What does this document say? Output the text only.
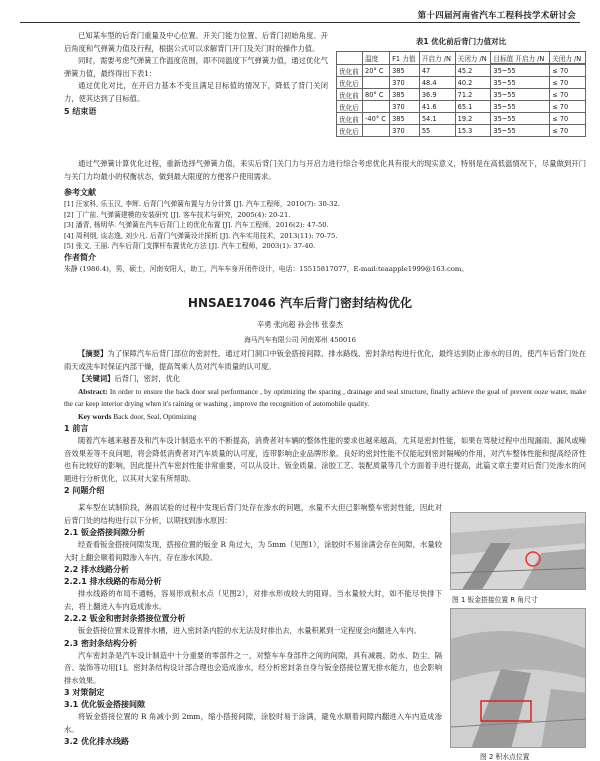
第十四届河南省汽车工程科技学术研讨会

已知某车型的后背门重量及中心位置、开关门能力位置、后背门初始角度、开启角度和气弹簧力值及行程，根据公式可以求解背门开门及关门时的操作力值。

同时，需要考虑气弹簧工作温度范围，即不同温度下气弹簧力值，通过优化气弹簧力值，最终得出下表1：

通过优化对比，在开启力基本不变且满足目标值的情况下，降低了背门关闭力，使其达到了目标值。

5 结束语
表1 优化前后背门力值对比
	温度	F1 力值	开启力 /N	关闭力 /N	目标值 开启力 /N	关闭力 /N

优化前	20° C	385	47	45.2	35~55	≤ 70
优化后		370	48.4	40.2	35~55	≤ 70
优化前	80° C	385	36.9	71.2	35~55	≤ 70
优化后		370	41.6	65.1	35~55	≤ 70
优化前	-40° C	385	54.1	19.2	35~55	≤ 70
优化后		370	55	15.3	35~55	≤ 70

通过气弹簧计算优化过程，重新选择气弹簧力值，来实后背门关门力与开启力进行综合考虑优化具有很大的现实意义，特别是在高低温情况下，尽量做到开门与关门力均最小的权衡状态，做到最大限度的方便客户使用需求。

参考文献
[1] 汪家科, 乐玉汉, 李辉. 后背门气弹簧布置与力分计算 [J]. 汽车工程师，2010(7): 30-32.
[2] 丁广前. 气弹簧建模的安装研究 [J]. 客车技术与研究，2005(4): 20-21.
[3] 潘青, 杨明华. 气弹簧在汽车后背门上的优化布置 [J]. 汽车工程师，2016(2): 47-50.
[4] 周利纲, 谈志逸, 刘少凡. 后背门气弹簧设计探析 [J]. 汽车实用技术，2013(11): 70-75.
[5] 张文, 王丽. 汽车后背门支撑杆布置优化方法 [J]. 汽车工程师，2003(1): 37-40.
作者简介
朱静 (1986.4)，男，硕士，河南安阳人，助工，汽车车身开闭件设计，电话：15515817077，E-mail:teaapple1999@163.com。
HNSAE17046 汽车后背门密封结构优化
辛勇 张向超 孙会伟 张泰杰
海马汽车有限公司 河南郑州 450016

【摘要】为了保障汽车后背门部位的密封性，通过对门洞口中钣金搭接间隙、排水路线、密封条结构进行优化，最终达到防止渗水的目的，使汽车后背门处在雨天或洗车时保证内部干燥，提高驾乘人员对汽车质量的认可度。

【关键词】后背门，密封，优化

Abstract: In order to ensure the back door seal performance , by optimizing the spacing , drainage and seal structure, finally achieve the goal of prevent ooze water, make the car keep interior drying when it's raining or washing , improve the recognition of automobile quality.

Key words Back door, Seal, Optimizing

1 前言

随着汽车越来越普及和汽车设计制造水平的不断提高，消费者对车辆的整体性能的要求也越来越高，尤其是密封性能，如果在驾驶过程中出现漏雨、漏风或噪音效果差等不良问题，将会降低消费者对汽车质量的认可度，连带影响企业品牌形象。良好的密封性能不仅能起到密封隔噪的作用，对汽车整体性能和提高经济性也有比较好的影响，因此提升汽车密封性能非常重要，可以从设计、钣金质量、涂胶工艺、装配质量等几个方面着手进行提高，此篇文章主要对后背门处渗水的问题进行分析优化，以其对大家有所帮助。

2 问题介绍

某车型在试制阶段，淋雨试验的过程中发现后背门处存在渗水的问题，水量不大但已影响整车密封性能，因此对后背门处的结构进行以下分析，以期找到渗水原因：

2.1 钣金搭接间隙分析

经查看钣金搭接间隙发现，搭接位置的钣金 R 角过大，为 5mm（见图1），涂胶时不易涂满会存在间隙，水量较大时上翻会顺着间隙渗入车内，存在渗水风险。

2.2 排水线路分析
2.2.1 排水线路的布局分析

排水线路的布局不通畅，容易形成积水点（见图2），对排水形成较大的阻碍。当水量较大时，如不能尽快排下去，将上翻进入车内造成渗水。

2.2.2 钣金和密封条搭接位置分析

钣金搭接位置未设置排水槽，进入密封条内腔的水无法及时排出去，水量积累到一定程度会向翻进入车内。

2.3 密封条结构分析

汽车密封条是汽车设计制造中十分重要的零部件之一，对整车车身部件之间的间隙，具有减震、防水、防尘、隔音、装饰等功用[1]。密封条结构设计部合理也会造成渗水，经分析密封条自身与钣金搭接位置无排水能力，也会影响排水效果。

3 对策制定
3.1 优化钣金搭接间隙

将钣金搭接位置的 R 角减小到 2mm，缩小搭接间隙，涂胶时易于涂满，避免水顺着间隙内翻进入车内造成渗水。

3.2 优化排水线路
图 1 钣金搭接位置 R 角尺寸
图 2 积水点位置
